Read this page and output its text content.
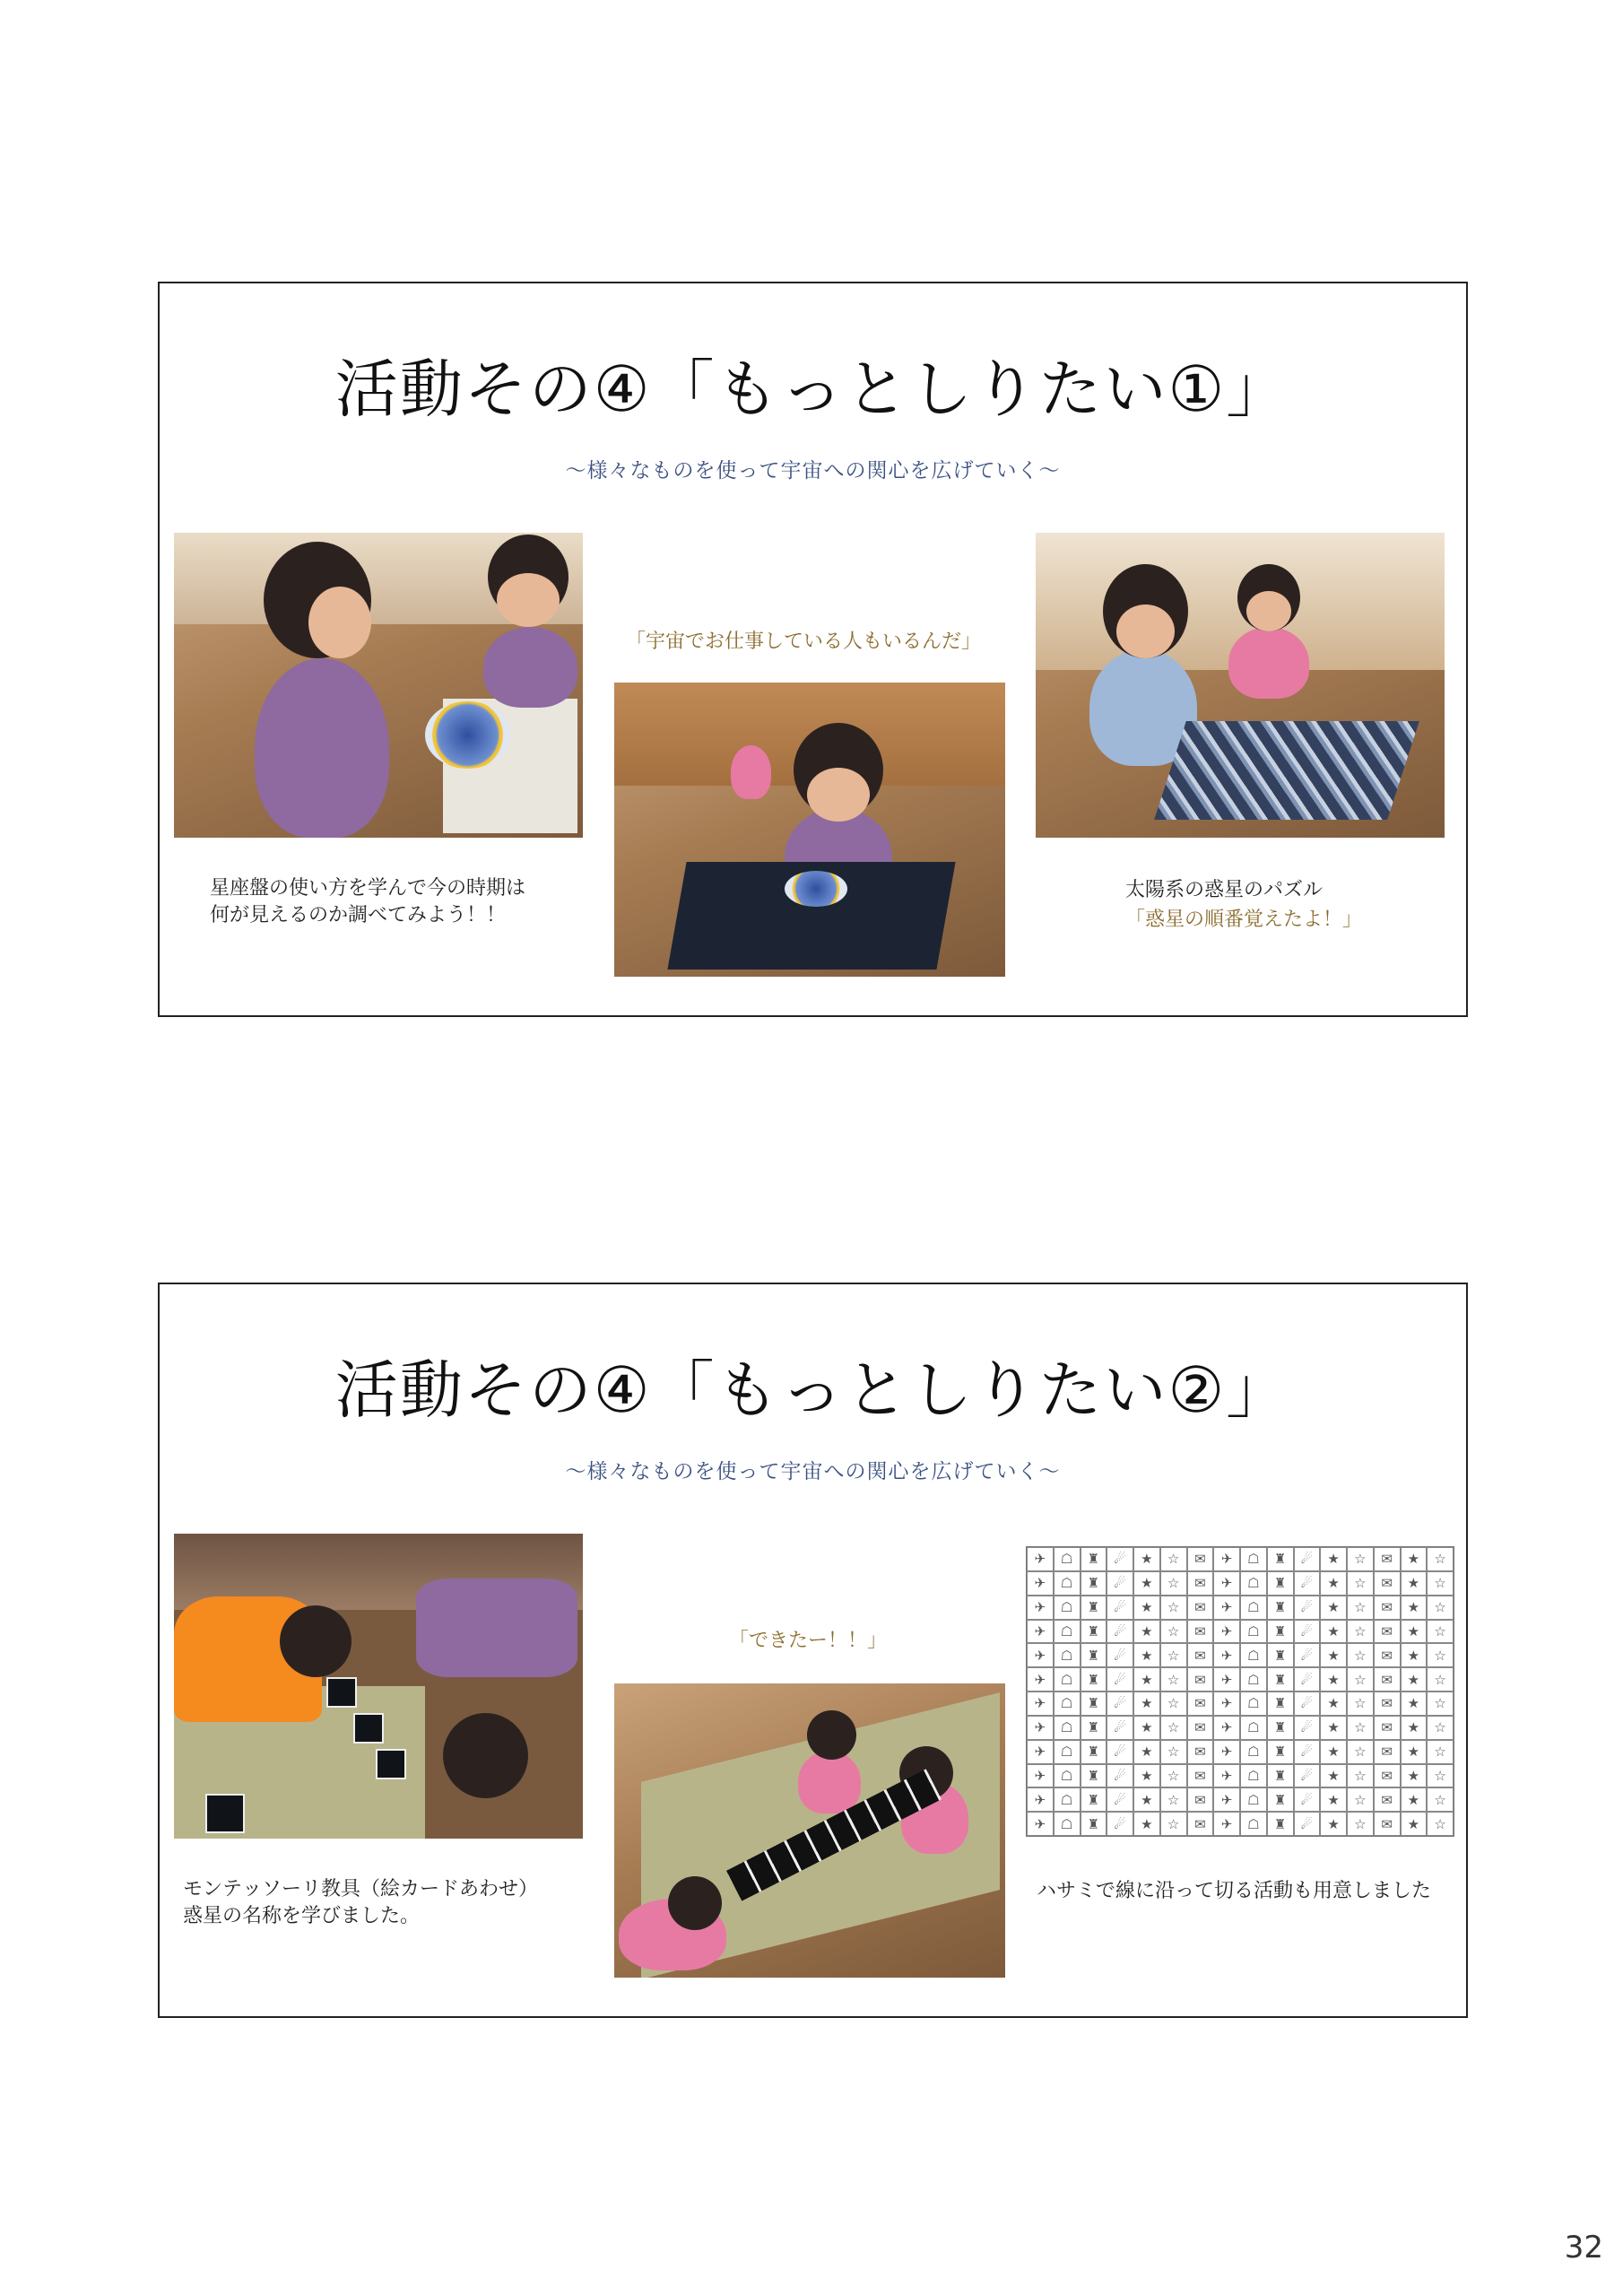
活動その④「もっとしりたい①」
〜様々なものを使って宇宙への関心を広げていく〜
「宇宙でお仕事している人もいるんだ」
星座盤の使い方を学んで今の時期は
何が見えるのか調べてみよう！！
太陽系の惑星のパズル
「惑星の順番覚えたよ！」
活動その④「もっとしりたい②」
〜様々なものを使って宇宙への関心を広げていく〜
「できたー！！」
✈	☖	♜	☄	★	☆	✉	✈	☖	♜	☄	★	☆	✉	★	☆
✈	☖	♜	☄	★	☆	✉	✈	☖	♜	☄	★	☆	✉	★	☆
✈	☖	♜	☄	★	☆	✉	✈	☖	♜	☄	★	☆	✉	★	☆
✈	☖	♜	☄	★	☆	✉	✈	☖	♜	☄	★	☆	✉	★	☆
✈	☖	♜	☄	★	☆	✉	✈	☖	♜	☄	★	☆	✉	★	☆
✈	☖	♜	☄	★	☆	✉	✈	☖	♜	☄	★	☆	✉	★	☆
✈	☖	♜	☄	★	☆	✉	✈	☖	♜	☄	★	☆	✉	★	☆
✈	☖	♜	☄	★	☆	✉	✈	☖	♜	☄	★	☆	✉	★	☆
✈	☖	♜	☄	★	☆	✉	✈	☖	♜	☄	★	☆	✉	★	☆
✈	☖	♜	☄	★	☆	✉	✈	☖	♜	☄	★	☆	✉	★	☆
✈	☖	♜	☄	★	☆	✉	✈	☖	♜	☄	★	☆	✉	★	☆
✈	☖	♜	☄	★	☆	✉	✈	☖	♜	☄	★	☆	✉	★	☆
モンテッソーリ教具（絵カードあわせ）
惑星の名称を学びました。
ハサミで線に沿って切る活動も用意しました
32
